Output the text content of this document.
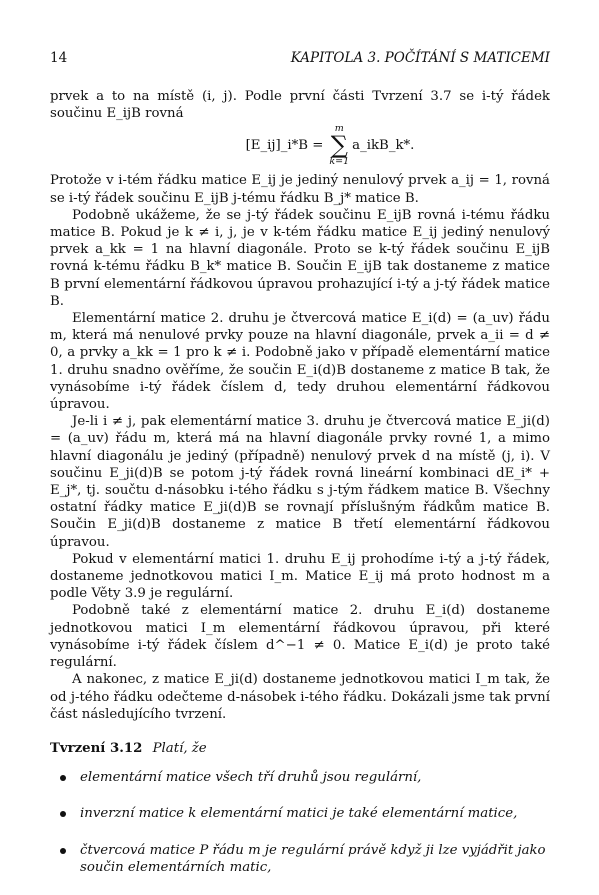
14	KAPITOLA 3. POČÍTÁNÍ S MATICEMI

prvek a to na místě (i, j). Podle první části Tvrzení 3.7 se i-tý řádek součinu E_ijB rovná

[E_ij]_i*B =
m
∑
k=1
a_ikB_k*.

Protože v i-tém řádku matice E_ij je jediný nenulový prvek a_ij = 1, rovná se i-tý řádek součinu E_ijB j-tému řádku B_j* matice B.

Podobně ukážeme, že se j-tý řádek součinu E_ijB rovná i-tému řádku matice B. Pokud je k ≠ i, j, je v k-tém řádku matice E_ij jediný nenulový prvek a_kk = 1 na hlavní diagonále. Proto se k-tý řádek součinu E_ijB rovná k-tému řádku B_k* matice B. Součin E_ijB tak dostaneme z matice B první elementární řádkovou úpravou prohazující i-tý a j-tý řádek matice B.

Elementární matice 2. druhu je čtvercová matice E_i(d) = (a_uv) řádu m, která má nenulové prvky pouze na hlavní diagonále, prvek a_ii = d ≠ 0, a prvky a_kk = 1 pro k ≠ i. Podobně jako v případě elementární matice 1. druhu snadno ověříme, že součin E_i(d)B dostaneme z matice B tak, že vynásobíme i-tý řádek číslem d, tedy druhou elementární řádkovou úpravou.

Je-li i ≠ j, pak elementární matice 3. druhu je čtvercová matice E_ji(d) = (a_uv) řádu m, která má na hlavní diagonále prvky rovné 1, a mimo hlavní diagonálu je jediný (případně) nenulový prvek d na místě (j, i). V součinu E_ji(d)B se potom j-tý řádek rovná lineární kombinaci dE_i* + E_j*, tj. součtu d-násobku i-tého řádku s j-tým řádkem matice B. Všechny ostatní řádky matice E_ji(d)B se rovnají příslušným řádkům matice B. Součin E_ji(d)B dostaneme z matice B třetí elementární řádkovou úpravou.

Pokud v elementární matici 1. druhu E_ij prohodíme i-tý a j-tý řádek, dostaneme jednotkovou matici I_m. Matice E_ij má proto hodnost m a podle Věty 3.9 je regulární.

Podobně také z elementární matice 2. druhu E_i(d) dostaneme jednotkovou matici I_m elementární řádkovou úpravou, při které vynásobíme i-tý řádek číslem d^−1 ≠ 0. Matice E_i(d) je proto také regulární.

A nakonec, z matice E_ji(d) dostaneme jednotkovou matici I_m tak, že od j-tého řádku odečteme d-násobek i-tého řádku. Dokázali jsme tak první část následujícího tvrzení.

Tvrzení 3.12 Platí, že
elementární matice všech tří druhů jsou regulární,
inverzní matice k elementární matici je také elementární matice,
čtvercová matice P řádu m je regulární právě když ji lze vyjádřit jako součin elementárních matic,
